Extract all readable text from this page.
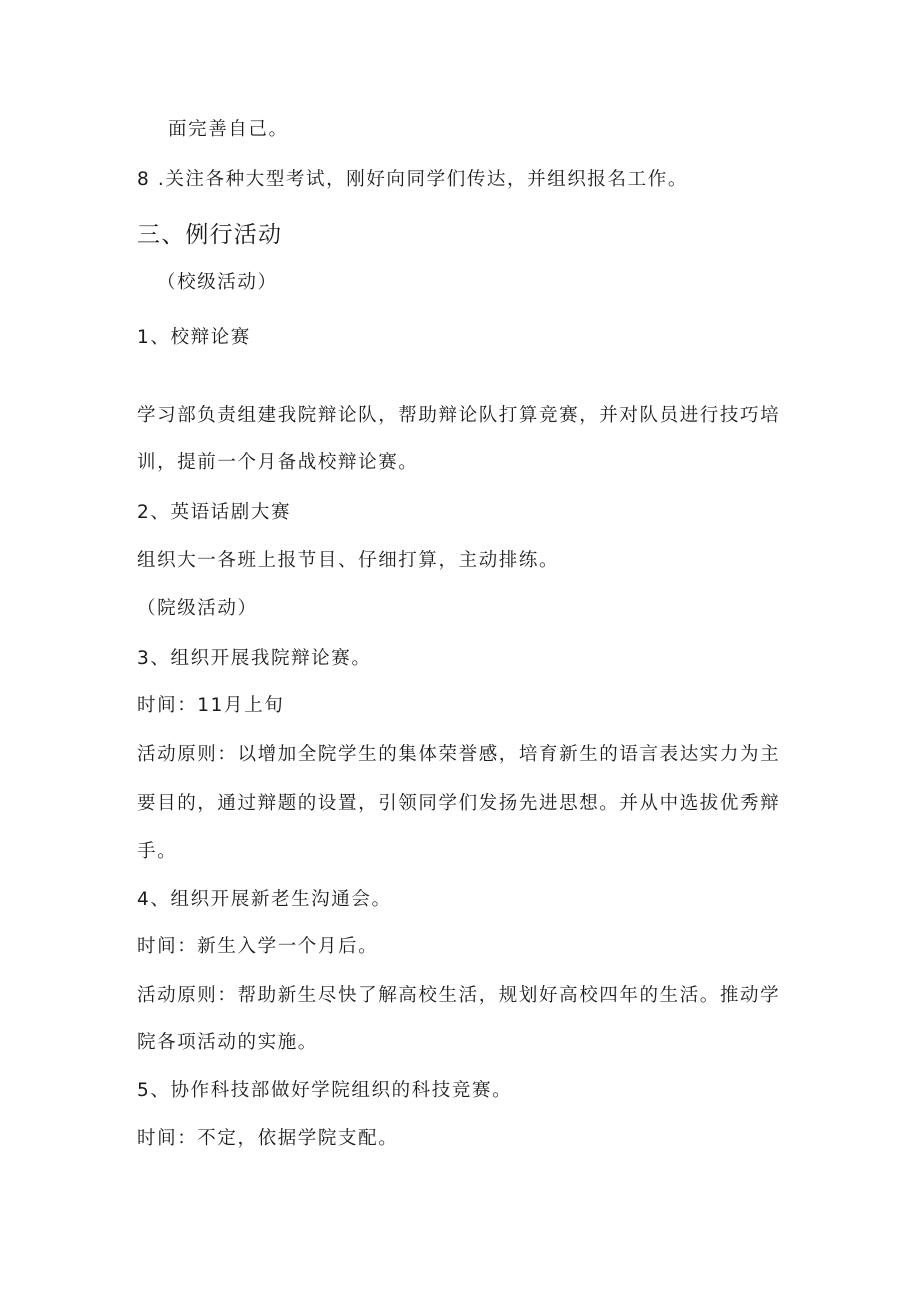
面完善自己。
8 .关注各种大型考试，刚好向同学们传达，并组织报名工作。
三、例行活动
（校级活动）
1、校辩论赛
学习部负责组建我院辩论队，帮助辩论队打算竞赛，并对队员进行技巧培
训，提前一个月备战校辩论赛。
2、英语话剧大赛
组织大一各班上报节目、仔细打算，主动排练。
（院级活动）
3、组织开展我院辩论赛。
时间：11月上旬
活动原则：以增加全院学生的集体荣誉感，培育新生的语言表达实力为主
要目的，通过辩题的设置，引领同学们发扬先进思想。并从中选拔优秀辩
手。
4、组织开展新老生沟通会。
时间：新生入学一个月后。
活动原则：帮助新生尽快了解高校生活，规划好高校四年的生活。推动学
院各项活动的实施。
5、协作科技部做好学院组织的科技竞赛。
时间：不定，依据学院支配。
